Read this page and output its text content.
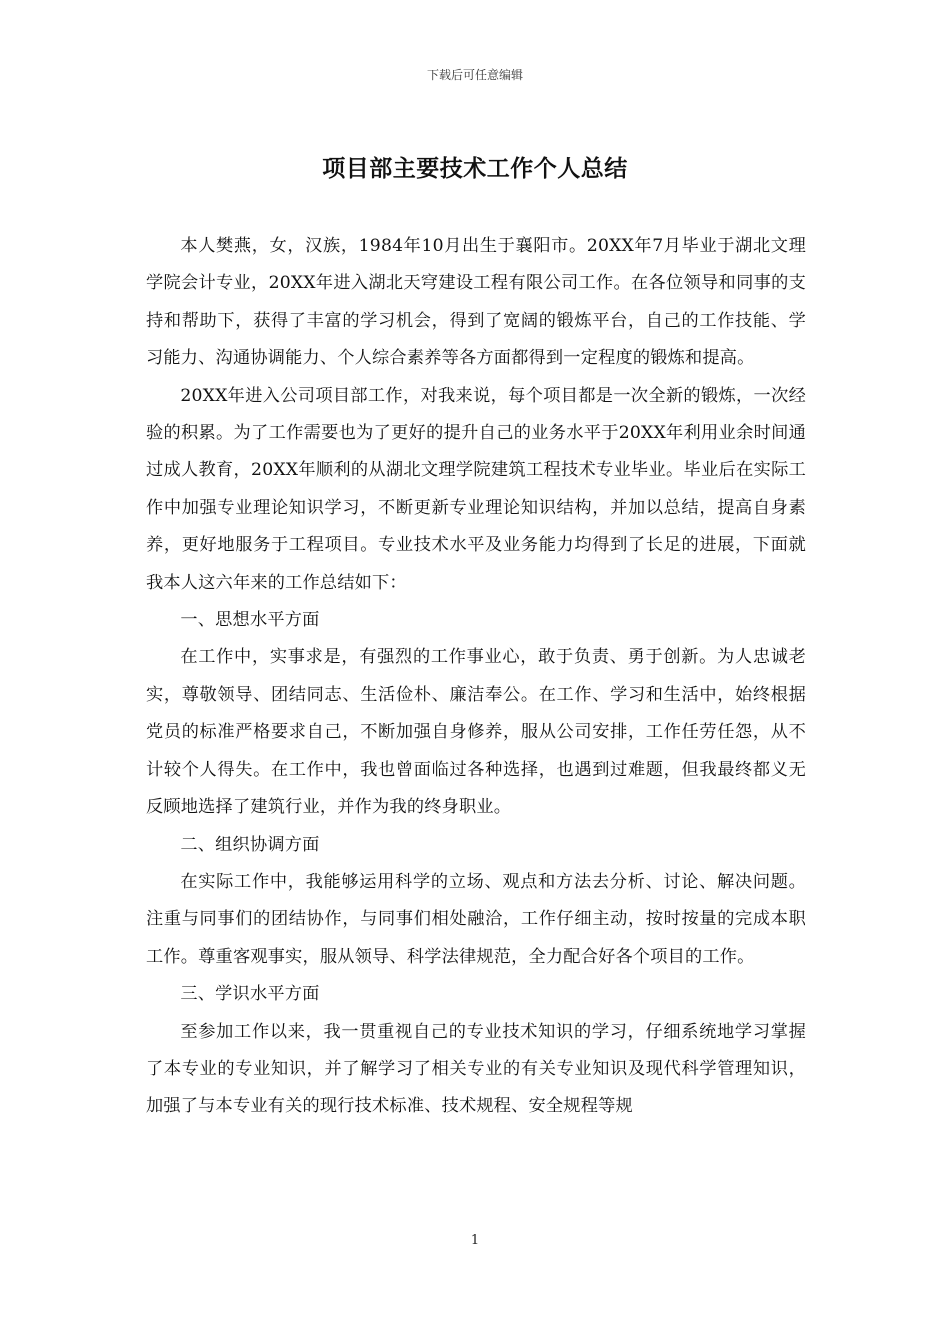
下载后可任意编辑
项目部主要技术工作个人总结

本人樊燕，女，汉族，1984年10月出生于襄阳市。20XX年7月毕业于湖北文理学院会计专业，20XX年进入湖北天穹建设工程有限公司工作。在各位领导和同事的支持和帮助下，获得了丰富的学习机会，得到了宽阔的锻炼平台，自己的工作技能、学习能力、沟通协调能力、个人综合素养等各方面都得到一定程度的锻炼和提高。

20XX年进入公司项目部工作，对我来说，每个项目都是一次全新的锻炼，一次经验的积累。为了工作需要也为了更好的提升自己的业务水平于20XX年利用业余时间通过成人教育，20XX年顺利的从湖北文理学院建筑工程技术专业毕业。毕业后在实际工作中加强专业理论知识学习，不断更新专业理论知识结构，并加以总结，提高自身素养，更好地服务于工程项目。专业技术水平及业务能力均得到了长足的进展，下面就我本人这六年来的工作总结如下：

一、思想水平方面

在工作中，实事求是，有强烈的工作事业心，敢于负责、勇于创新。为人忠诚老实，尊敬领导、团结同志、生活俭朴、廉洁奉公。在工作、学习和生活中，始终根据党员的标准严格要求自己，不断加强自身修养，服从公司安排，工作任劳任怨，从不计较个人得失。在工作中，我也曾面临过各种选择，也遇到过难题，但我最终都义无反顾地选择了建筑行业，并作为我的终身职业。

二、组织协调方面

在实际工作中，我能够运用科学的立场、观点和方法去分析、讨论、解决问题。注重与同事们的团结协作，与同事们相处融洽，工作仔细主动，按时按量的完成本职工作。尊重客观事实，服从领导、科学法律规范，全力配合好各个项目的工作。

三、学识水平方面

至参加工作以来，我一贯重视自己的专业技术知识的学习，仔细系统地学习掌握了本专业的专业知识，并了解学习了相关专业的有关专业知识及现代科学管理知识，加强了与本专业有关的现行技术标准、技术规程、安全规程等规

1
